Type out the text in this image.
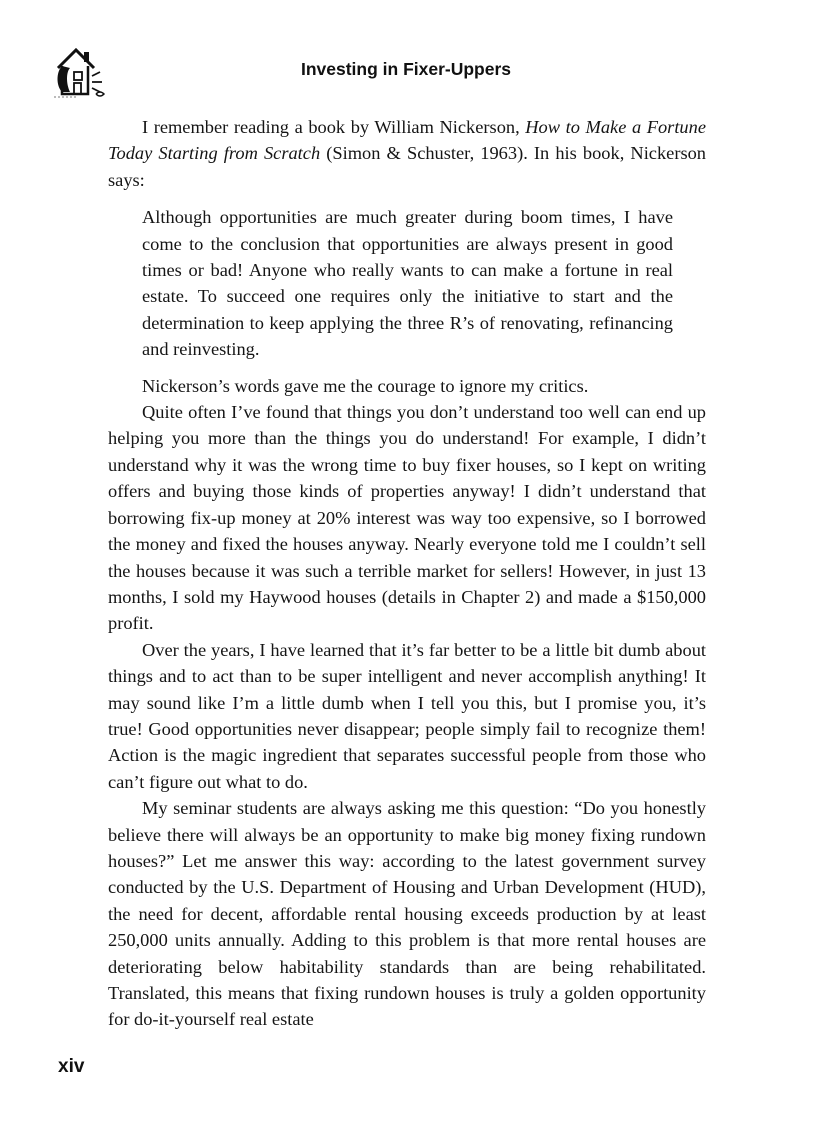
Investing in Fixer-Uppers

I remember reading a book by William Nickerson, How to Make a Fortune Today Starting from Scratch (Simon & Schuster, 1963). In his book, Nickerson says:

Although opportunities are much greater during boom times, I have come to the conclusion that opportunities are always present in good times or bad! Anyone who really wants to can make a fortune in real estate. To succeed one requires only the initiative to start and the determination to keep applying the three R’s of renovating, refinancing and reinvesting.

Nickerson’s words gave me the courage to ignore my critics.

Quite often I’ve found that things you don’t understand too well can end up helping you more than the things you do understand! For example, I didn’t understand why it was the wrong time to buy fixer houses, so I kept on writing offers and buying those kinds of properties anyway! I didn’t understand that borrowing fix-up money at 20% interest was way too expensive, so I borrowed the money and fixed the houses anyway. Nearly everyone told me I couldn’t sell the houses because it was such a terrible market for sellers! However, in just 13 months, I sold my Haywood houses (details in Chapter 2) and made a $150,000 profit.

Over the years, I have learned that it’s far better to be a little bit dumb about things and to act than to be super intelligent and never accomplish anything! It may sound like I’m a little dumb when I tell you this, but I promise you, it’s true! Good opportunities never disappear; people simply fail to recognize them! Action is the magic ingredient that separates successful people from those who can’t figure out what to do.

My seminar students are always asking me this question: “Do you honestly believe there will always be an opportunity to make big money fixing rundown houses?” Let me answer this way: according to the latest government survey conducted by the U.S. Department of Housing and Urban Development (HUD), the need for decent, affordable rental housing exceeds production by at least 250,000 units annually. Adding to this problem is that more rental houses are deteriorating below habitability standards than are being rehabilitated. Translated, this means that fixing rundown houses is truly a golden opportunity for do-it-yourself real estate

xiv
